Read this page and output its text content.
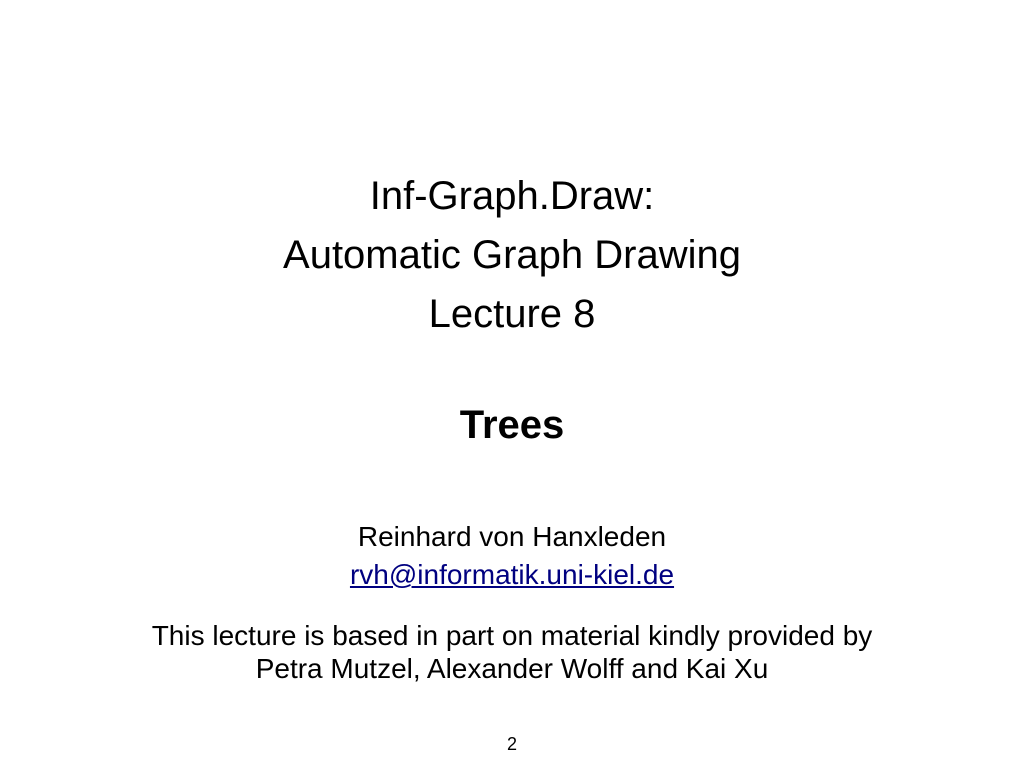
Inf-Graph.Draw:
Automatic Graph Drawing
Lecture 8
Trees
Reinhard von Hanxleden
rvh@informatik.uni-kiel.de
This lecture is based in part on material kindly provided by
Petra Mutzel, Alexander Wolff and Kai Xu
2
